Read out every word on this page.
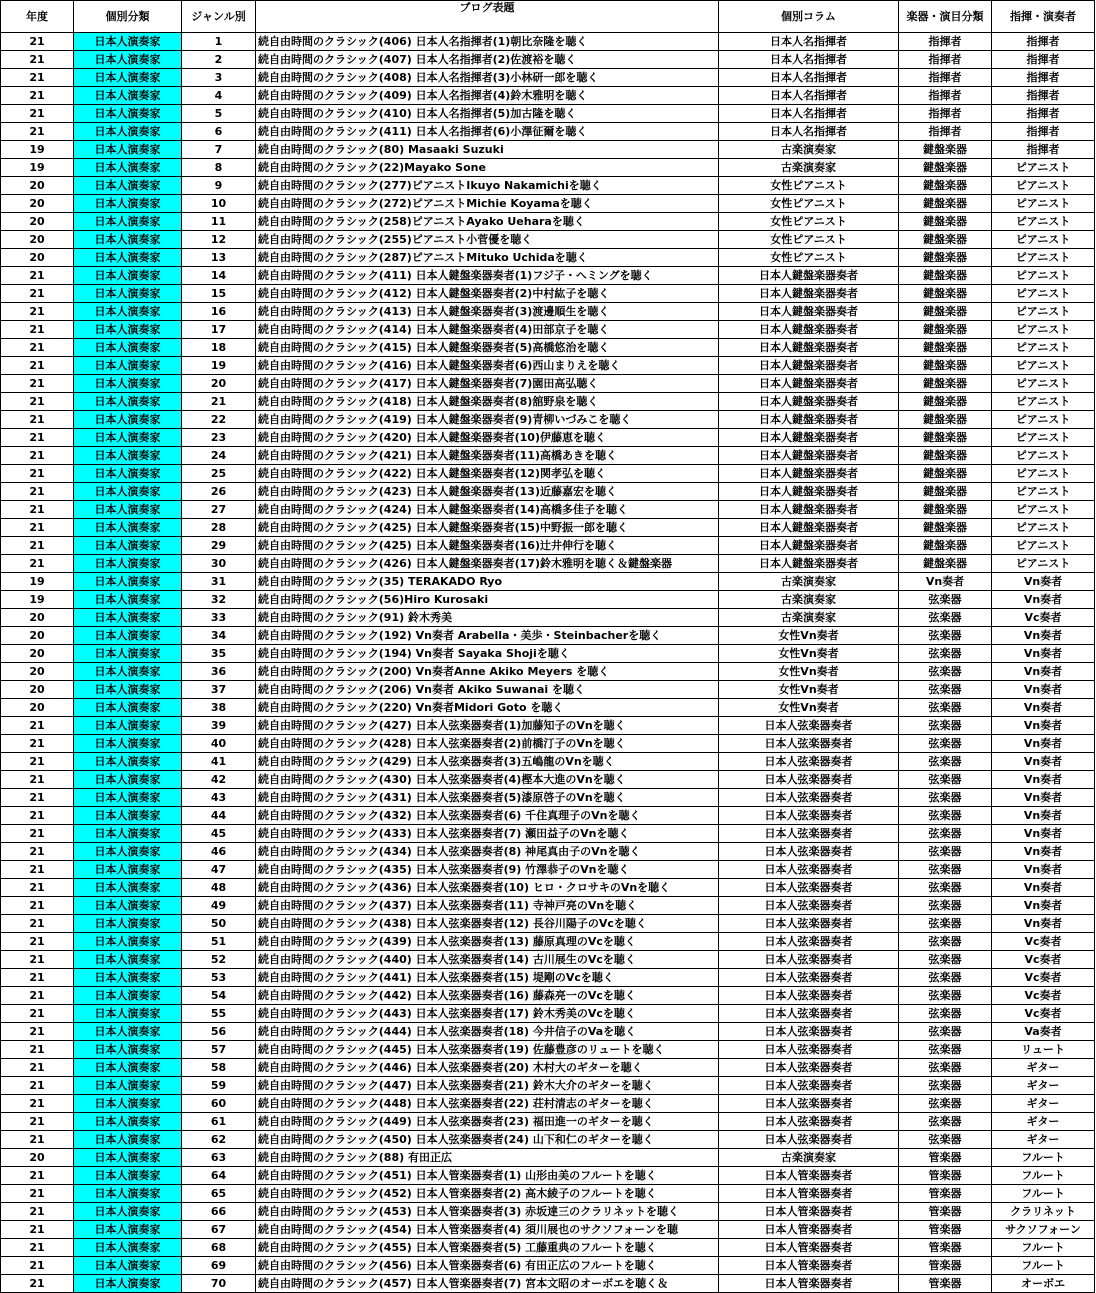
年度	個別分類	ジャンル別	ブログ表題	個別コラム	楽器・演目分類	指揮・演奏者
21	日本人演奏家	1	続自由時間のクラシック(406) 日本人名指揮者(1)朝比奈隆を聴く	日本人名指揮者	指揮者	指揮者
21	日本人演奏家	2	続自由時間のクラシック(407) 日本人名指揮者(2)佐渡裕を聴く	日本人名指揮者	指揮者	指揮者
21	日本人演奏家	3	続自由時間のクラシック(408) 日本人名指揮者(3)小林研一郎を聴く	日本人名指揮者	指揮者	指揮者
21	日本人演奏家	4	続自由時間のクラシック(409) 日本人名指揮者(4)鈴木雅明を聴く	日本人名指揮者	指揮者	指揮者
21	日本人演奏家	5	続自由時間のクラシック(410) 日本人名指揮者(5)加古隆を聴く	日本人名指揮者	指揮者	指揮者
21	日本人演奏家	6	続自由時間のクラシック(411) 日本人名指揮者(6)小澤征爾を聴く	日本人名指揮者	指揮者	指揮者
19	日本人演奏家	7	続自由時間のクラシック(80) Masaaki Suzuki	古楽演奏家	鍵盤楽器	指揮者
19	日本人演奏家	8	続自由時間のクラシック(22)Mayako Sone	古楽演奏家	鍵盤楽器	ピアニスト
20	日本人演奏家	9	続自由時間のクラシック(277)ピアニストIkuyo Nakamichiを聴く	女性ピアニスト	鍵盤楽器	ピアニスト
20	日本人演奏家	10	続自由時間のクラシック(272)ピアニストMichie Koyamaを聴く	女性ピアニスト	鍵盤楽器	ピアニスト
20	日本人演奏家	11	続自由時間のクラシック(258)ピアニストAyako Ueharaを聴く	女性ピアニスト	鍵盤楽器	ピアニスト
20	日本人演奏家	12	続自由時間のクラシック(255)ピアニスト小菅優を聴く	女性ピアニスト	鍵盤楽器	ピアニスト
20	日本人演奏家	13	続自由時間のクラシック(287)ピアニストMituko Uchidaを聴く	女性ピアニスト	鍵盤楽器	ピアニスト
21	日本人演奏家	14	続自由時間のクラシック(411) 日本人鍵盤楽器奏者(1)フジ子・ヘミングを聴く	日本人鍵盤楽器奏者	鍵盤楽器	ピアニスト
21	日本人演奏家	15	続自由時間のクラシック(412) 日本人鍵盤楽器奏者(2)中村紘子を聴く	日本人鍵盤楽器奏者	鍵盤楽器	ピアニスト
21	日本人演奏家	16	続自由時間のクラシック(413) 日本人鍵盤楽器奏者(3)渡邊順生を聴く	日本人鍵盤楽器奏者	鍵盤楽器	ピアニスト
21	日本人演奏家	17	続自由時間のクラシック(414) 日本人鍵盤楽器奏者(4)田部京子を聴く	日本人鍵盤楽器奏者	鍵盤楽器	ピアニスト
21	日本人演奏家	18	続自由時間のクラシック(415) 日本人鍵盤楽器奏者(5)高橋悠治を聴く	日本人鍵盤楽器奏者	鍵盤楽器	ピアニスト
21	日本人演奏家	19	続自由時間のクラシック(416) 日本人鍵盤楽器奏者(6)西山まりえを聴く	日本人鍵盤楽器奏者	鍵盤楽器	ピアニスト
21	日本人演奏家	20	続自由時間のクラシック(417) 日本人鍵盤楽器奏者(7)園田高弘聴く	日本人鍵盤楽器奏者	鍵盤楽器	ピアニスト
21	日本人演奏家	21	続自由時間のクラシック(418) 日本人鍵盤楽器奏者(8)舘野泉を聴く	日本人鍵盤楽器奏者	鍵盤楽器	ピアニスト
21	日本人演奏家	22	続自由時間のクラシック(419) 日本人鍵盤楽器奏者(9)青柳いづみこを聴く	日本人鍵盤楽器奏者	鍵盤楽器	ピアニスト
21	日本人演奏家	23	続自由時間のクラシック(420) 日本人鍵盤楽器奏者(10)伊藤恵を聴く	日本人鍵盤楽器奏者	鍵盤楽器	ピアニスト
21	日本人演奏家	24	続自由時間のクラシック(421) 日本人鍵盤楽器奏者(11)高橋あきを聴く	日本人鍵盤楽器奏者	鍵盤楽器	ピアニスト
21	日本人演奏家	25	続自由時間のクラシック(422) 日本人鍵盤楽器奏者(12)関孝弘を聴く	日本人鍵盤楽器奏者	鍵盤楽器	ピアニスト
21	日本人演奏家	26	続自由時間のクラシック(423) 日本人鍵盤楽器奏者(13)近藤嘉宏を聴く	日本人鍵盤楽器奏者	鍵盤楽器	ピアニスト
21	日本人演奏家	27	続自由時間のクラシック(424) 日本人鍵盤楽器奏者(14)高橋多佳子を聴く	日本人鍵盤楽器奏者	鍵盤楽器	ピアニスト
21	日本人演奏家	28	続自由時間のクラシック(425) 日本人鍵盤楽器奏者(15)中野振一郎を聴く	日本人鍵盤楽器奏者	鍵盤楽器	ピアニスト
21	日本人演奏家	29	続自由時間のクラシック(425) 日本人鍵盤楽器奏者(16)辻井伸行を聴く	日本人鍵盤楽器奏者	鍵盤楽器	ピアニスト
21	日本人演奏家	30	続自由時間のクラシック(426) 日本人鍵盤楽器奏者(17)鈴木雅明を聴く＆鍵盤楽器	日本人鍵盤楽器奏者	鍵盤楽器	ピアニスト
19	日本人演奏家	31	続自由時間のクラシック(35) TERAKADO Ryo	古楽演奏家	Vn奏者	Vn奏者
19	日本人演奏家	32	続自由時間のクラシック(56)Hiro Kurosaki	古楽演奏家	弦楽器	Vn奏者
20	日本人演奏家	33	続自由時間のクラシック(91) 鈴木秀美	古楽演奏家	弦楽器	Vc奏者
20	日本人演奏家	34	続自由時間のクラシック(192) Vn奏者 Arabella・美歩・Steinbacherを聴く	女性Vn奏者	弦楽器	Vn奏者
20	日本人演奏家	35	続自由時間のクラシック(194) Vn奏者 Sayaka Shojiを聴く	女性Vn奏者	弦楽器	Vn奏者
20	日本人演奏家	36	続自由時間のクラシック(200) Vn奏者Anne Akiko Meyers を聴く	女性Vn奏者	弦楽器	Vn奏者
20	日本人演奏家	37	続自由時間のクラシック(206) Vn奏者 Akiko Suwanai を聴く	女性Vn奏者	弦楽器	Vn奏者
20	日本人演奏家	38	続自由時間のクラシック(220) Vn奏者Midori Goto を聴く	女性Vn奏者	弦楽器	Vn奏者
21	日本人演奏家	39	続自由時間のクラシック(427) 日本人弦楽器奏者(1)加藤知子のVnを聴く	日本人弦楽器奏者	弦楽器	Vn奏者
21	日本人演奏家	40	続自由時間のクラシック(428) 日本人弦楽器奏者(2)前橋汀子のVnを聴く	日本人弦楽器奏者	弦楽器	Vn奏者
21	日本人演奏家	41	続自由時間のクラシック(429) 日本人弦楽器奏者(3)五嶋龍のVnを聴く	日本人弦楽器奏者	弦楽器	Vn奏者
21	日本人演奏家	42	続自由時間のクラシック(430) 日本人弦楽器奏者(4)樫本大進のVnを聴く	日本人弦楽器奏者	弦楽器	Vn奏者
21	日本人演奏家	43	続自由時間のクラシック(431) 日本人弦楽器奏者(5)漆原啓子のVnを聴く	日本人弦楽器奏者	弦楽器	Vn奏者
21	日本人演奏家	44	続自由時間のクラシック(432) 日本人弦楽器奏者(6) 千住真理子のVnを聴く	日本人弦楽器奏者	弦楽器	Vn奏者
21	日本人演奏家	45	続自由時間のクラシック(433) 日本人弦楽器奏者(7) 瀬田益子のVnを聴く	日本人弦楽器奏者	弦楽器	Vn奏者
21	日本人演奏家	46	続自由時間のクラシック(434) 日本人弦楽器奏者(8) 神尾真由子のVnを聴く	日本人弦楽器奏者	弦楽器	Vn奏者
21	日本人演奏家	47	続自由時間のクラシック(435) 日本人弦楽器奏者(9) 竹澤恭子のVnを聴く	日本人弦楽器奏者	弦楽器	Vn奏者
21	日本人演奏家	48	続自由時間のクラシック(436) 日本人弦楽器奏者(10) ヒロ・クロサキのVnを聴く	日本人弦楽器奏者	弦楽器	Vn奏者
21	日本人演奏家	49	続自由時間のクラシック(437) 日本人弦楽器奏者(11) 寺神戸亮のVnを聴く	日本人弦楽器奏者	弦楽器	Vn奏者
21	日本人演奏家	50	続自由時間のクラシック(438) 日本人弦楽器奏者(12) 長谷川陽子のVcを聴く	日本人弦楽器奏者	弦楽器	Vn奏者
21	日本人演奏家	51	続自由時間のクラシック(439) 日本人弦楽器奏者(13) 藤原真理のVcを聴く	日本人弦楽器奏者	弦楽器	Vc奏者
21	日本人演奏家	52	続自由時間のクラシック(440) 日本人弦楽器奏者(14) 古川展生のVcを聴く	日本人弦楽器奏者	弦楽器	Vc奏者
21	日本人演奏家	53	続自由時間のクラシック(441) 日本人弦楽器奏者(15) 堤剛のVcを聴く	日本人弦楽器奏者	弦楽器	Vc奏者
21	日本人演奏家	54	続自由時間のクラシック(442) 日本人弦楽器奏者(16) 藤森亮一のVcを聴く	日本人弦楽器奏者	弦楽器	Vc奏者
21	日本人演奏家	55	続自由時間のクラシック(443) 日本人弦楽器奏者(17) 鈴木秀美のVcを聴く	日本人弦楽器奏者	弦楽器	Vc奏者
21	日本人演奏家	56	続自由時間のクラシック(444) 日本人弦楽器奏者(18) 今井信子のVaを聴く	日本人弦楽器奏者	弦楽器	Va奏者
21	日本人演奏家	57	続自由時間のクラシック(445) 日本人弦楽器奏者(19) 佐藤豊彦のリュートを聴く	日本人弦楽器奏者	弦楽器	リュート
21	日本人演奏家	58	続自由時間のクラシック(446) 日本人弦楽器奏者(20) 木村大のギターを聴く	日本人弦楽器奏者	弦楽器	ギター
21	日本人演奏家	59	続自由時間のクラシック(447) 日本人弦楽器奏者(21) 鈴木大介のギターを聴く	日本人弦楽器奏者	弦楽器	ギター
21	日本人演奏家	60	続自由時間のクラシック(448) 日本人弦楽器奏者(22) 荘村清志のギターを聴く	日本人弦楽器奏者	弦楽器	ギター
21	日本人演奏家	61	続自由時間のクラシック(449) 日本人弦楽器奏者(23) 福田進一のギターを聴く	日本人弦楽器奏者	弦楽器	ギター
21	日本人演奏家	62	続自由時間のクラシック(450) 日本人弦楽器奏者(24) 山下和仁のギターを聴く	日本人弦楽器奏者	弦楽器	ギター
20	日本人演奏家	63	続自由時間のクラシック(88) 有田正広	古楽演奏家	管楽器	フルート
21	日本人演奏家	64	続自由時間のクラシック(451) 日本人管楽器奏者(1) 山形由美のフルートを聴く	日本人管楽器奏者	管楽器	フルート
21	日本人演奏家	65	続自由時間のクラシック(452) 日本人管楽器奏者(2) 高木綾子のフルートを聴く	日本人管楽器奏者	管楽器	フルート
21	日本人演奏家	66	続自由時間のクラシック(453) 日本人管楽器奏者(3) 赤坂達三のクラリネットを聴く	日本人管楽器奏者	管楽器	クラリネット
21	日本人演奏家	67	続自由時間のクラシック(454) 日本人管楽器奏者(4) 須川展也のサクソフォーンを聴	日本人管楽器奏者	管楽器	サクソフォーン
21	日本人演奏家	68	続自由時間のクラシック(455) 日本人管楽器奏者(5) 工藤重典のフルートを聴く	日本人管楽器奏者	管楽器	フルート
21	日本人演奏家	69	続自由時間のクラシック(456) 日本人管楽器奏者(6) 有田正広のフルートを聴く	日本人管楽器奏者	管楽器	フルート
21	日本人演奏家	70	続自由時間のクラシック(457) 日本人管楽器奏者(7) 宮本文昭のオーボエを聴く＆	日本人管楽器奏者	管楽器	オーボエ
